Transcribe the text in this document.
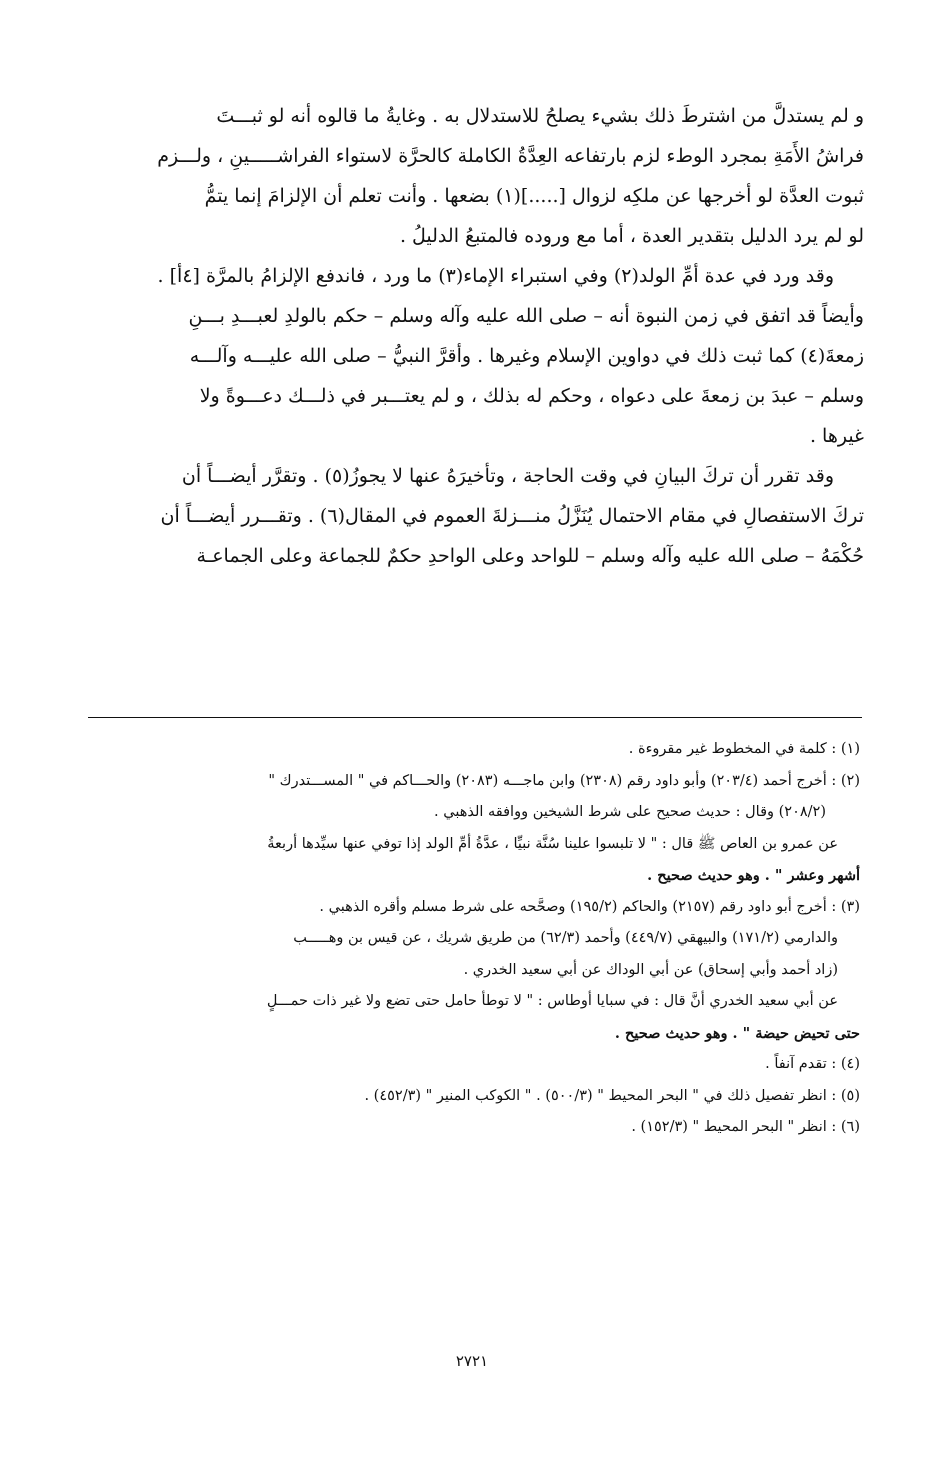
و لم يستدلَّ من اشترطَ ذلك بشيء يصلحُ للاستدلال به . وغايةُ ما قالوه أنه لو ثبـــتَ
فراشُ الأَمَةِ بمجرد الوطء لزم بارتفاعه العِدَّةُ الكاملة كالحرَّة لاستواء الفراشـــــينِ ، ولـــزم
ثبوت العدَّة لو أخرجها عن ملكِه لزوال [.....](١) بضعها . وأنت تعلم أن الإلزامَ إنما يتمُّ
لو لم يرد الدليل بتقدير العدة ، أما مع وروده فالمتبعُ الدليلُ .
وقد ورد في عدة أمِّ الولد(٢) وفي استبراء الإماء(٣) ما ورد ، فاندفع الإلزامُ بالمرَّة [٤أ] .
وأيضاً قد اتفق في زمن النبوة أنه – صلى الله عليه وآله وسلم – حكم بالولدِ لعبـــدِ بـــنِ
زمعةَ(٤) كما ثبت ذلك في دواوين الإسلام وغيرها . وأقرَّ النبيُّ – صلى الله عليـــه وآلـــه
وسلم – عبدَ بن زمعةَ على دعواه ، وحكم له بذلك ، و لم يعتـــبر في ذلـــك دعـــوةً ولا
غيرها .
وقد تقرر أن تركَ البيانِ في وقت الحاجة ، وتأخيرَهُ عنها لا يجوزُ(٥) . وتقرَّر أيضـــاً أن
تركَ الاستفصالِ في مقام الاحتمال يُنَزَّلُ منـــزلةَ العموم في المقال(٦) . وتقـــرر أيضـــاً أن
حُكْمَهُ – صلى الله عليه وآله وسلم – للواحد وعلى الواحدِ حكمٌ للجماعة وعلى الجماعـة
(١) : كلمة في المخطوط غير مقروءة .
(٢) : أخرج أحمد (٢٠٣/٤) وأبو داود رقم (٢٣٠٨) وابن ماجـــه (٢٠٨٣) والحـــاكم في " المســـتدرك "
(٢٠٨/٢) وقال : حديث صحيح على شرط الشيخين ووافقه الذهبي .
عن عمرو بن العاص ﷺ قال : " لا تلبسوا علينا سُنَّة نبيِّا ، عدَّةُ أمِّ الولد إذا توفي عنها سيِّدها أربعةُ
أشهر وعشر " . وهو حديث صحيح .
(٣) : أخرج أبو داود رقم (٢١٥٧) والحاكم (١٩٥/٢) وصحَّحه على شرط مسلم وأقره الذهبي .
والدارمي (١٧١/٢) والبيهقي (٤٤٩/٧) وأحمد (٦٢/٣) من طريق شريك ، عن قيس بن وهـــــب
(زاد أحمد وأبي إسحاق) عن أبي الوداك عن أبي سعيد الخدري .
عن أبي سعيد الخدري أنَّ قال : في سبايا أوطاس : " لا توطأ حامل حتى تضع ولا غير ذات حمـــلٍ
حتى تحيض حيضة " . وهو حديث صحيح .
(٤) : تقدم آنفاً .
(٥) : انظر تفصيل ذلك في " البحر المحيط " (٥٠٠/٣) . " الكوكب المنير " (٤٥٢/٣) .
(٦) : انظر " البحر المحيط " (١٥٢/٣) .
٢٧٢١
